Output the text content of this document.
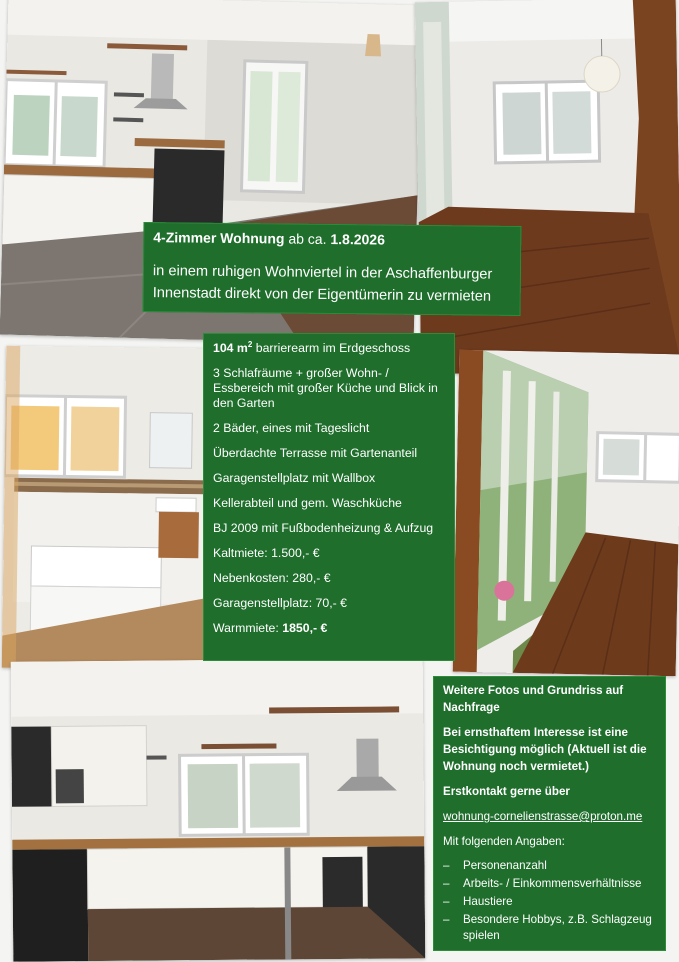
4-Zimmer Wohnung ab ca. 1.8.2026
in einem ruhigen Wohnviertel in der Aschaffenburger
Innenstadt direkt von der Eigentümerin zu vermieten
104 $m^2$ barrierearm im Erdgeschoss
3 Schlafräume + großer Wohn- / Essbereich mit großer Küche und Blick in den Garten
2 Bäder, eines mit Tageslicht
Überdachte Terrasse mit Gartenanteil
Garagenstellplatz mit Wallbox
Kellerabteil und gem. Waschküche
BJ 2009 mit Fußbodenheizung & Aufzug
Kaltmiete: 1.500,- €
Nebenkosten: 280,- €
Garagenstellplatz: 70,- €
Warmmiete: 1850,- €
Weitere Fotos und Grundriss auf Nachfrage
Bei ernsthaftem Interesse ist eine Besichtigung möglich (Aktuell ist die Wohnung noch vermietet.)
Erstkontakt gerne über
wohnung-cornelienstrasse@proton.me
Mit folgenden Angaben:
– Personenanzahl
– Arbeits- / Einkommensverhältnisse
– Haustiere
– Besondere Hobbys, z.B. Schlagzeug spielen
